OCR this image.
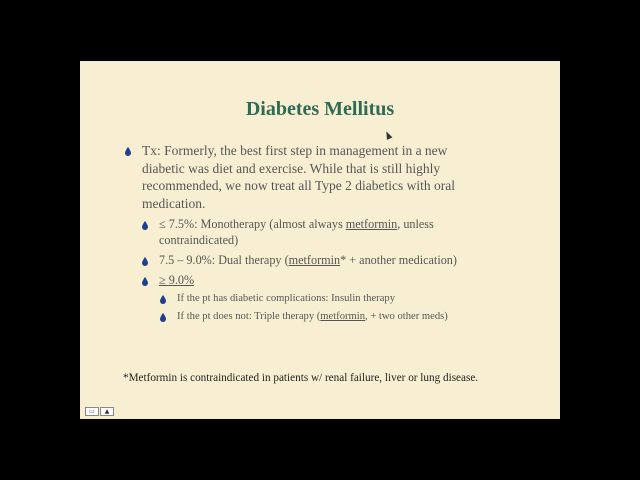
Diabetes Mellitus
Tx: Formerly, the best first step in management in a new
diabetic was diet and exercise. While that is still highly
recommended, we now treat all Type 2 diabetics with oral
medication.
≤ 7.5%: Monotherapy (almost always metformin, unless
contraindicated)
7.5 – 9.0%: Dual therapy (metformin* + another medication)
≥ 9.0%
If the pt has diabetic complications: Insulin therapy
If the pt does not: Triple therapy (metformin, + two other meds)
*Metformin is contraindicated in patients w/ renal failure, liver or lung disease.
▭	▲
